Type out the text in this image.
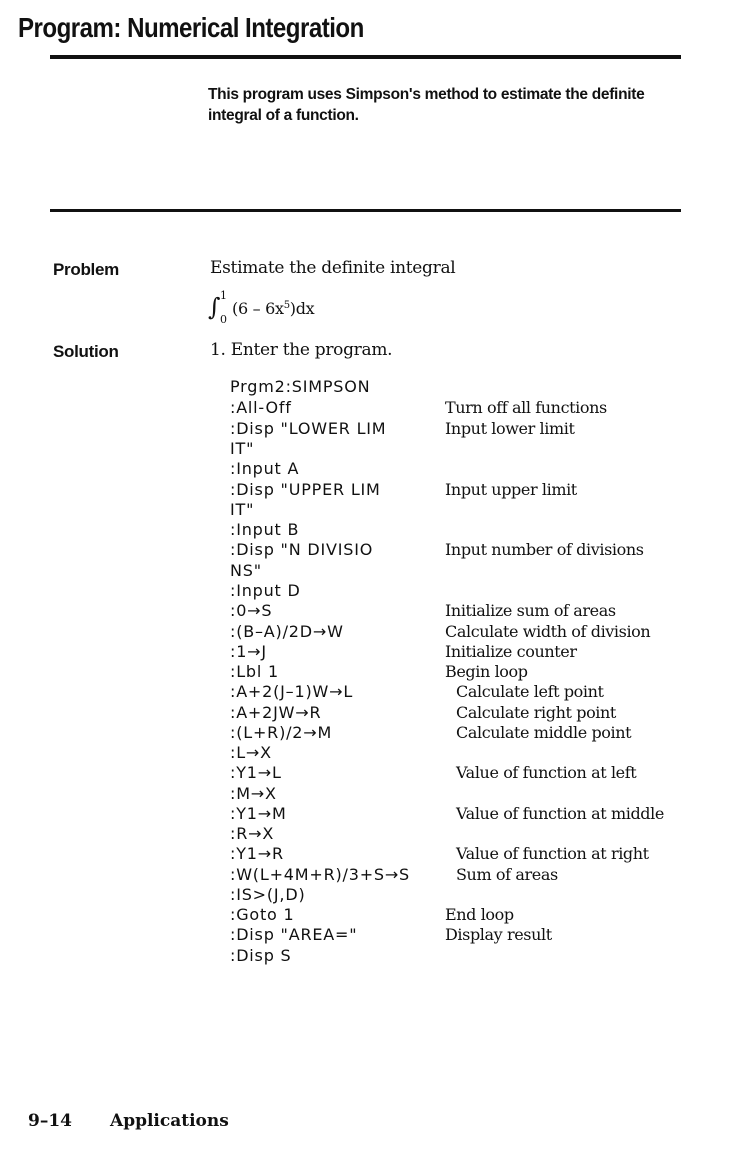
Program: Numerical Integration
This program uses Simpson's method to estimate the definite integral of a function.
Problem	Estimate the definite integral
∫ 1
0
$(6 - 6x^5)dx$
Solution	1. Enter the program.
Prgm2:SIMPSON
:All-Off
:Disp "LOWER LIM
IT"
:Input A
:Disp "UPPER LIM
IT"
:Input B
:Disp "N DIVISIO
NS"
:Input D
:0→S
:(B–A)/2D→W
:1→J
:Lbl 1
:A+2(J–1)W→L
:A+2JW→R
:(L+R)/2→M
:L→X
:Y1→L
:M→X
:Y1→M
:R→X
:Y1→R
:W(L+4M+R)/3+S→S
:IS>(J,D)
:Goto 1
:Disp "AREA="
:Disp S
Turn off all functions
Input lower limit
Input upper limit
Input number of divisions
Initialize sum of areas
Calculate width of division
Initialize counter
Begin loop
Calculate left point
Calculate right point
Calculate middle point
Value of function at left
Value of function at middle
Value of function at right
Sum of areas
End loop
Display result
9–14 Applications
